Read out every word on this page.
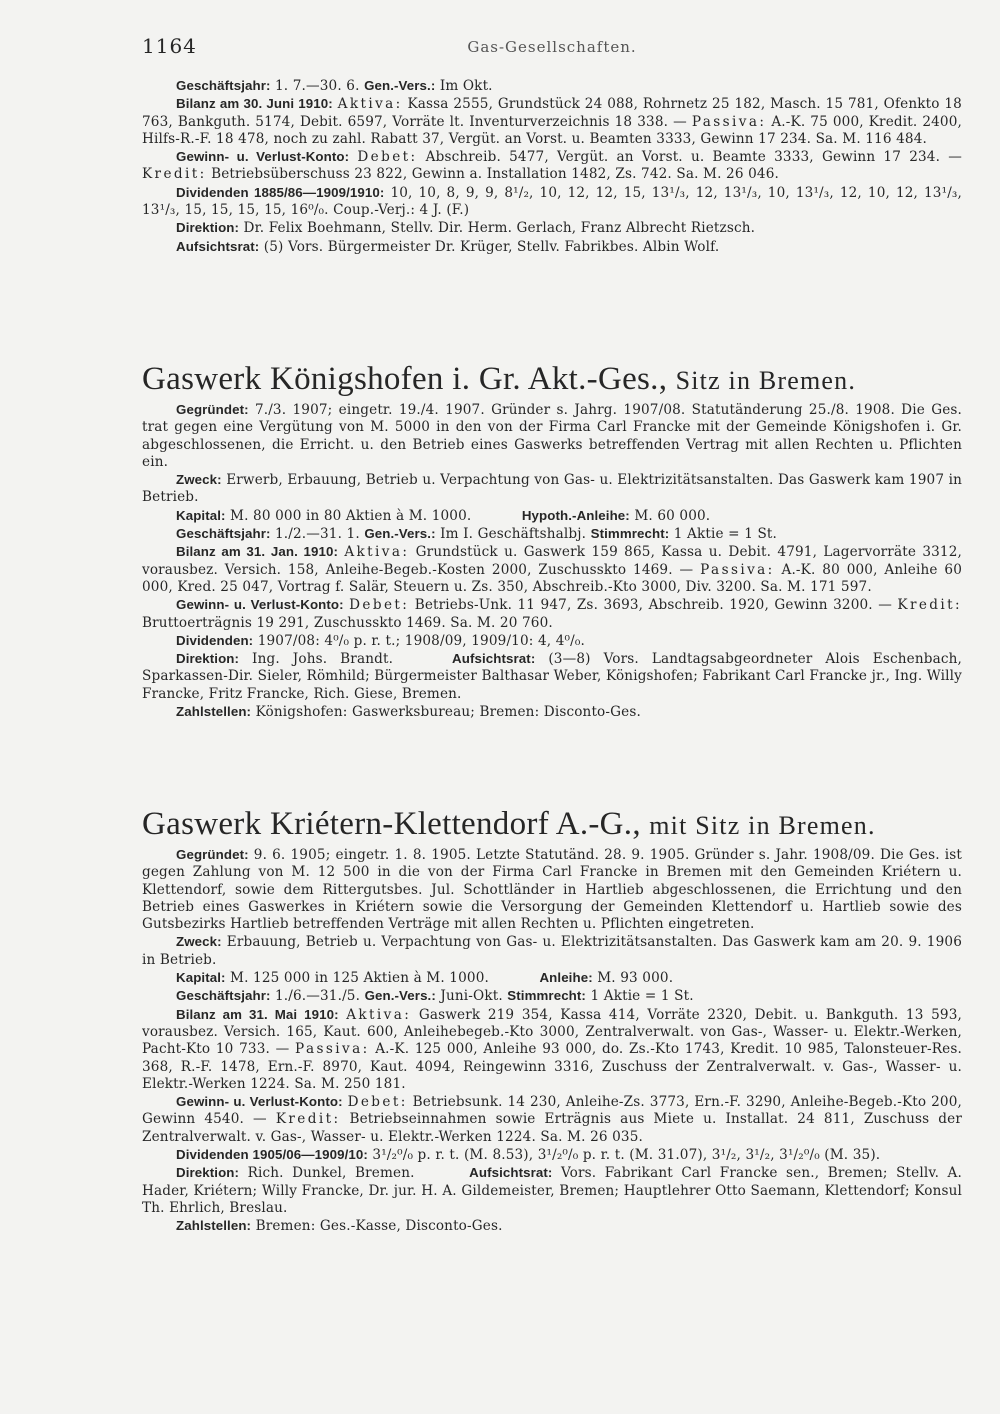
1164	Gas-Gesellschaften.

Geschäftsjahr: 1. 7.—30. 6. Gen.-Vers.: Im Okt.

Bilanz am 30. Juni 1910: Aktiva: Kassa 2555, Grundstück 24 088, Rohrnetz 25 182, Masch. 15 781, Ofenkto 18 763, Bankguth. 5174, Debit. 6597, Vorräte lt. Inventurverzeichnis 18 338. — Passiva: A.-K. 75 000, Kredit. 2400, Hilfs-R.-F. 18 478, noch zu zahl. Rabatt 37, Vergüt. an Vorst. u. Beamten 3333, Gewinn 17 234. Sa. M. 116 484.

Gewinn- u. Verlust-Konto: Debet: Abschreib. 5477, Vergüt. an Vorst. u. Beamte 3333, Gewinn 17 234. — Kredit: Betriebsüberschuss 23 822, Gewinn a. Installation 1482, Zs. 742. Sa. M. 26 046.

Dividenden 1885/86—1909/1910: 10, 10, 8, 9, 9, 8¹/₂, 10, 12, 12, 15, 13¹/₃, 12, 13¹/₃, 10, 13¹/₃, 12, 10, 12, 13¹/₃, 13¹/₃, 15, 15, 15, 15, 16⁰/₀. Coup.-Verj.: 4 J. (F.)

Direktion: Dr. Felix Boehmann, Stellv. Dir. Herm. Gerlach, Franz Albrecht Rietzsch.

Aufsichtsrat: (5) Vors. Bürgermeister Dr. Krüger, Stellv. Fabrikbes. Albin Wolf.

Gaswerk Königshofen i. Gr. Akt.-Ges., Sitz in Bremen.

Gegründet: 7./3. 1907; eingetr. 19./4. 1907. Gründer s. Jahrg. 1907/08. Statutänderung 25./8. 1908. Die Ges. trat gegen eine Vergütung von M. 5000 in den von der Firma Carl Francke mit der Gemeinde Königshofen i. Gr. abgeschlossenen, die Erricht. u. den Betrieb eines Gaswerks betreffenden Vertrag mit allen Rechten u. Pflichten ein.

Zweck: Erwerb, Erbauung, Betrieb u. Verpachtung von Gas- u. Elektrizitätsanstalten. Das Gaswerk kam 1907 in Betrieb.

Kapital: M. 80 000 in 80 Aktien à M. 1000.	Hypoth.-Anleihe: M. 60 000.

Geschäftsjahr: 1./2.—31. 1. Gen.-Vers.: Im I. Geschäftshalbj. Stimmrecht: 1 Aktie = 1 St.

Bilanz am 31. Jan. 1910: Aktiva: Grundstück u. Gaswerk 159 865, Kassa u. Debit. 4791, Lagervorräte 3312, vorausbez. Versich. 158, Anleihe-Begeb.-Kosten 2000, Zuschusskto 1469. — Passiva: A.-K. 80 000, Anleihe 60 000, Kred. 25 047, Vortrag f. Salär, Steuern u. Zs. 350, Abschreib.-Kto 3000, Div. 3200. Sa. M. 171 597.

Gewinn- u. Verlust-Konto: Debet: Betriebs-Unk. 11 947, Zs. 3693, Abschreib. 1920, Gewinn 3200. — Kredit: Bruttoerträgnis 19 291, Zuschusskto 1469. Sa. M. 20 760.

Dividenden: 1907/08: 4⁰/₀ p. r. t.; 1908/09, 1909/10: 4, 4⁰/₀.

Direktion: Ing. Johs. Brandt.	Aufsichtsrat: (3—8) Vors. Landtagsabgeordneter Alois Eschenbach, Sparkassen-Dir. Sieler, Römhild; Bürgermeister Balthasar Weber, Königshofen; Fabrikant Carl Francke jr., Ing. Willy Francke, Fritz Francke, Rich. Giese, Bremen.

Zahlstellen: Königshofen: Gaswerksbureau; Bremen: Disconto-Ges.

Gaswerk Kriétern-Klettendorf A.-G., mit Sitz in Bremen.

Gegründet: 9. 6. 1905; eingetr. 1. 8. 1905. Letzte Statutänd. 28. 9. 1905. Gründer s. Jahr. 1908/09. Die Ges. ist gegen Zahlung von M. 12 500 in die von der Firma Carl Francke in Bremen mit den Gemeinden Kriétern u. Klettendorf, sowie dem Rittergutsbes. Jul. Schottländer in Hartlieb abgeschlossenen, die Errichtung und den Betrieb eines Gaswerkes in Kriétern sowie die Versorgung der Gemeinden Klettendorf u. Hartlieb sowie des Gutsbezirks Hartlieb betreffenden Verträge mit allen Rechten u. Pflichten eingetreten.

Zweck: Erbauung, Betrieb u. Verpachtung von Gas- u. Elektrizitätsanstalten. Das Gaswerk kam am 20. 9. 1906 in Betrieb.

Kapital: M. 125 000 in 125 Aktien à M. 1000.	Anleihe: M. 93 000.

Geschäftsjahr: 1./6.—31./5. Gen.-Vers.: Juni-Okt. Stimmrecht: 1 Aktie = 1 St.

Bilanz am 31. Mai 1910: Aktiva: Gaswerk 219 354, Kassa 414, Vorräte 2320, Debit. u. Bankguth. 13 593, vorausbez. Versich. 165, Kaut. 600, Anleihebegeb.-Kto 3000, Zentralverwalt. von Gas-, Wasser- u. Elektr.-Werken, Pacht-Kto 10 733. — Passiva: A.-K. 125 000, Anleihe 93 000, do. Zs.-Kto 1743, Kredit. 10 985, Talonsteuer-Res. 368, R.-F. 1478, Ern.-F. 8970, Kaut. 4094, Reingewinn 3316, Zuschuss der Zentralverwalt. v. Gas-, Wasser- u. Elektr.-Werken 1224. Sa. M. 250 181.

Gewinn- u. Verlust-Konto: Debet: Betriebsunk. 14 230, Anleihe-Zs. 3773, Ern.-F. 3290, Anleihe-Begeb.-Kto 200, Gewinn 4540. — Kredit: Betriebseinnahmen sowie Erträgnis aus Miete u. Installat. 24 811, Zuschuss der Zentralverwalt. v. Gas-, Wasser- u. Elektr.-Werken 1224. Sa. M. 26 035.

Dividenden 1905/06—1909/10: 3¹/₂⁰/₀ p. r. t. (M. 8.53), 3¹/₂⁰/₀ p. r. t. (M. 31.07), 3¹/₂, 3¹/₂, 3¹/₂⁰/₀ (M. 35).

Direktion: Rich. Dunkel, Bremen.	Aufsichtsrat: Vors. Fabrikant Carl Francke sen., Bremen; Stellv. A. Hader, Kriétern; Willy Francke, Dr. jur. H. A. Gildemeister, Bremen; Hauptlehrer Otto Saemann, Klettendorf; Konsul Th. Ehrlich, Breslau.

Zahlstellen: Bremen: Ges.-Kasse, Disconto-Ges.
